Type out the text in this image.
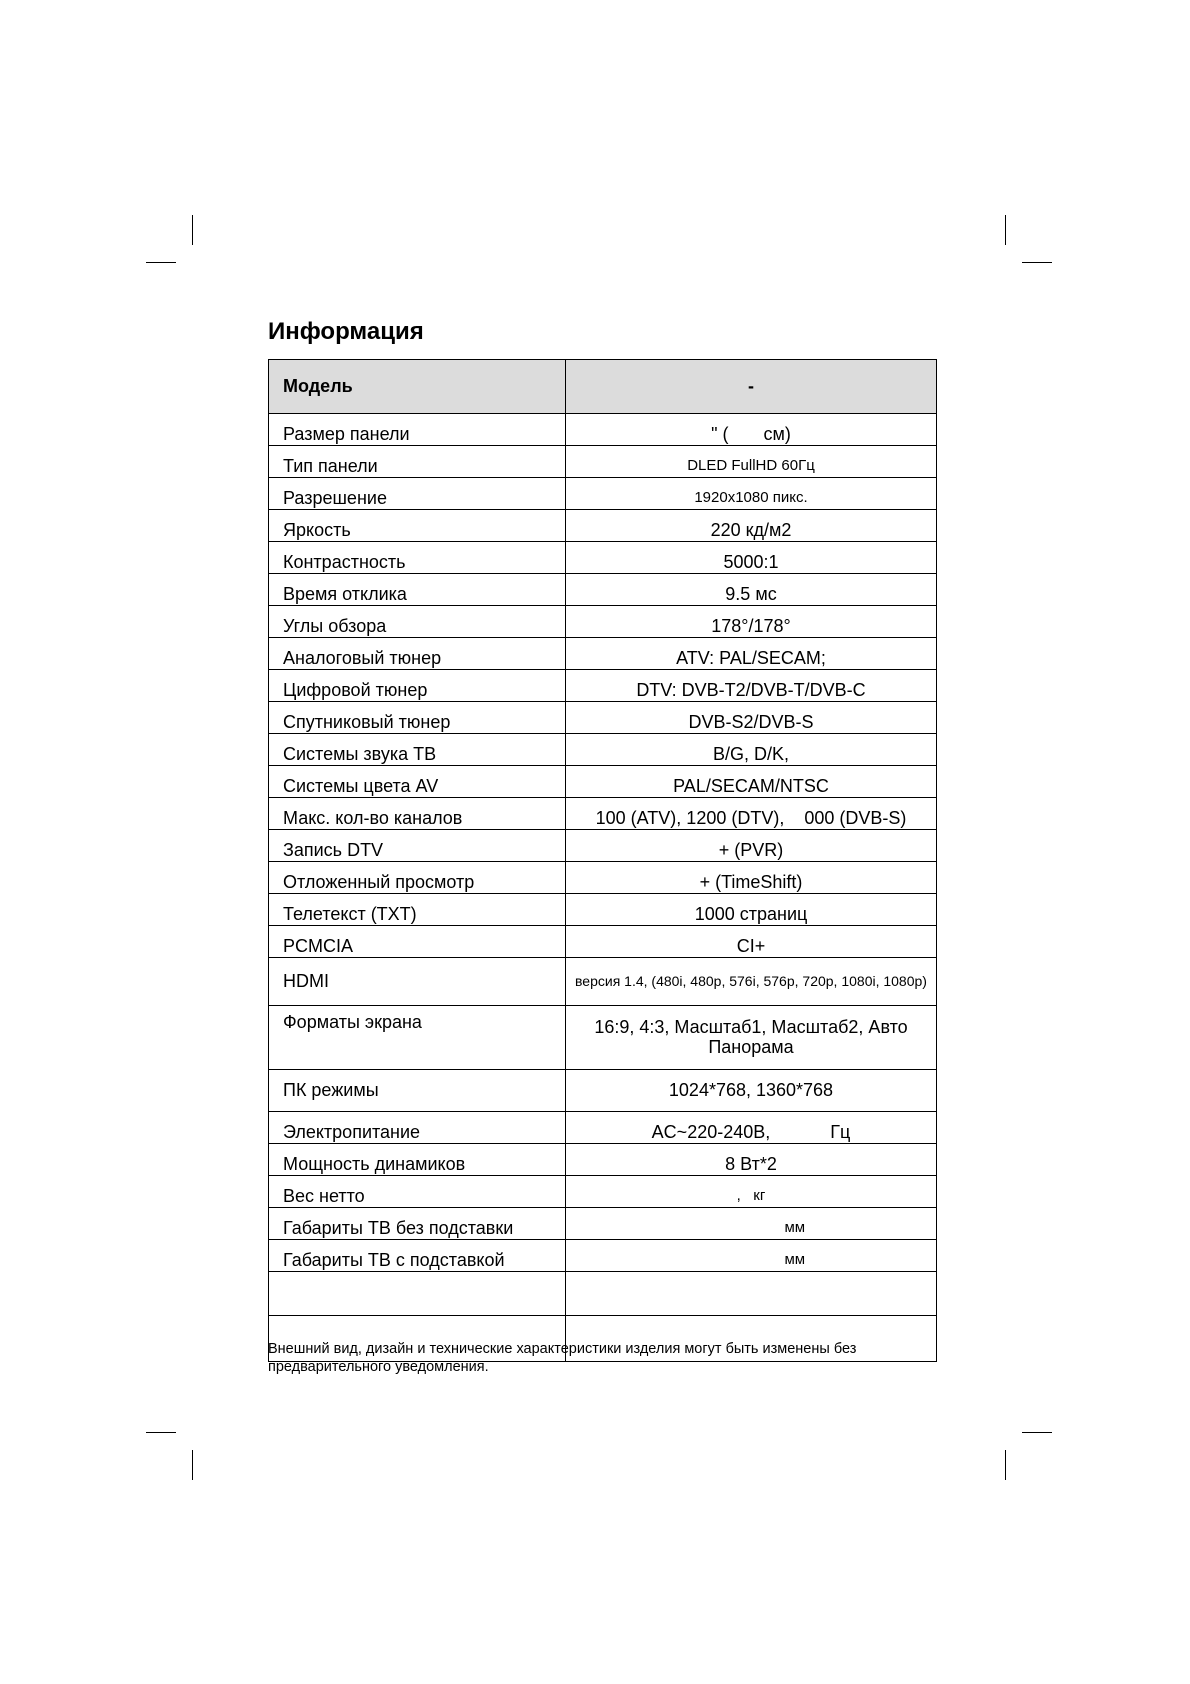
Информация
Модель	-
Размер панели	" (       см)
Тип панели	DLED FullHD 60Гц
Разрешение	1920х1080 пикс.
Яркость	220 кд/м2
Контрастность	5000:1
Время отклика	9.5 мс
Углы обзора	178°/178°
Аналоговый тюнер	ATV: PAL/SECAM;
Цифровой тюнер	DTV: DVB-T2/DVB-T/DVB-C
Спутниковый тюнер	DVB-S2/DVB-S
Системы звука ТВ	B/G, D/K,
Системы цвета AV	PAL/SECAM/NTSC
Макс. кол-во каналов	100 (ATV), 1200 (DTV),    000 (DVB-S)
Запись DTV	+ (PVR)
Отложенный просмотр	+ (TimeShift)
Телетекст (TXT)	1000 страниц
PCMCIA	CI+
HDMI	версия 1.4, (480i, 480p, 576i, 576p, 720p, 1080i, 1080p)
Форматы экрана	16:9, 4:3, Масштаб1, Масштаб2, Авто Панорама
ПК режимы	1024*768, 1360*768
Электропитание	AC~220-240В,            Гц
Мощность динамиков	8 Вт*2
Вес нетто	,   кг
Габариты ТВ без подставки	мм
Габариты ТВ с подставкой	мм

Внешний вид, дизайн и технические характеристики изделия могут быть изменены без предварительного уведомления.
